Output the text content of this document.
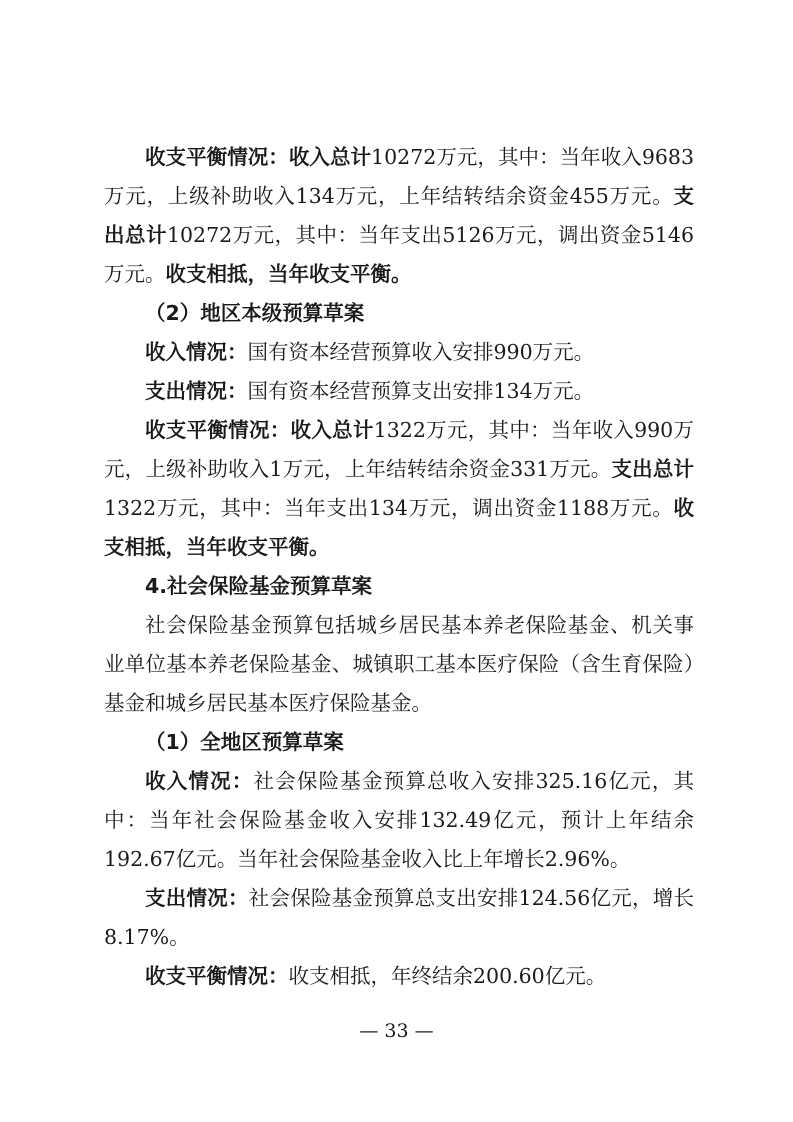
收支平衡情况：收入总计10272万元，其中：当年收入9683万元，上级补助收入134万元，上年结转结余资金455万元。支出总计10272万元，其中：当年支出5126万元，调出资金5146万元。收支相抵，当年收支平衡。

（2）地区本级预算草案

收入情况：国有资本经营预算收入安排990万元。

支出情况：国有资本经营预算支出安排134万元。

收支平衡情况：收入总计1322万元，其中：当年收入990万元，上级补助收入1万元，上年结转结余资金331万元。支出总计1322万元，其中：当年支出134万元，调出资金1188万元。收支相抵，当年收支平衡。

4.社会保险基金预算草案

社会保险基金预算包括城乡居民基本养老保险基金、机关事业单位基本养老保险基金、城镇职工基本医疗保险（含生育保险）基金和城乡居民基本医疗保险基金。

（1）全地区预算草案

收入情况：社会保险基金预算总收入安排325.16亿元，其中：当年社会保险基金收入安排132.49亿元，预计上年结余192.67亿元。当年社会保险基金收入比上年增长2.96%。

支出情况：社会保险基金预算总支出安排124.56亿元，增长8.17%。

收支平衡情况：收支相抵，年终结余200.60亿元。

— 33 —
